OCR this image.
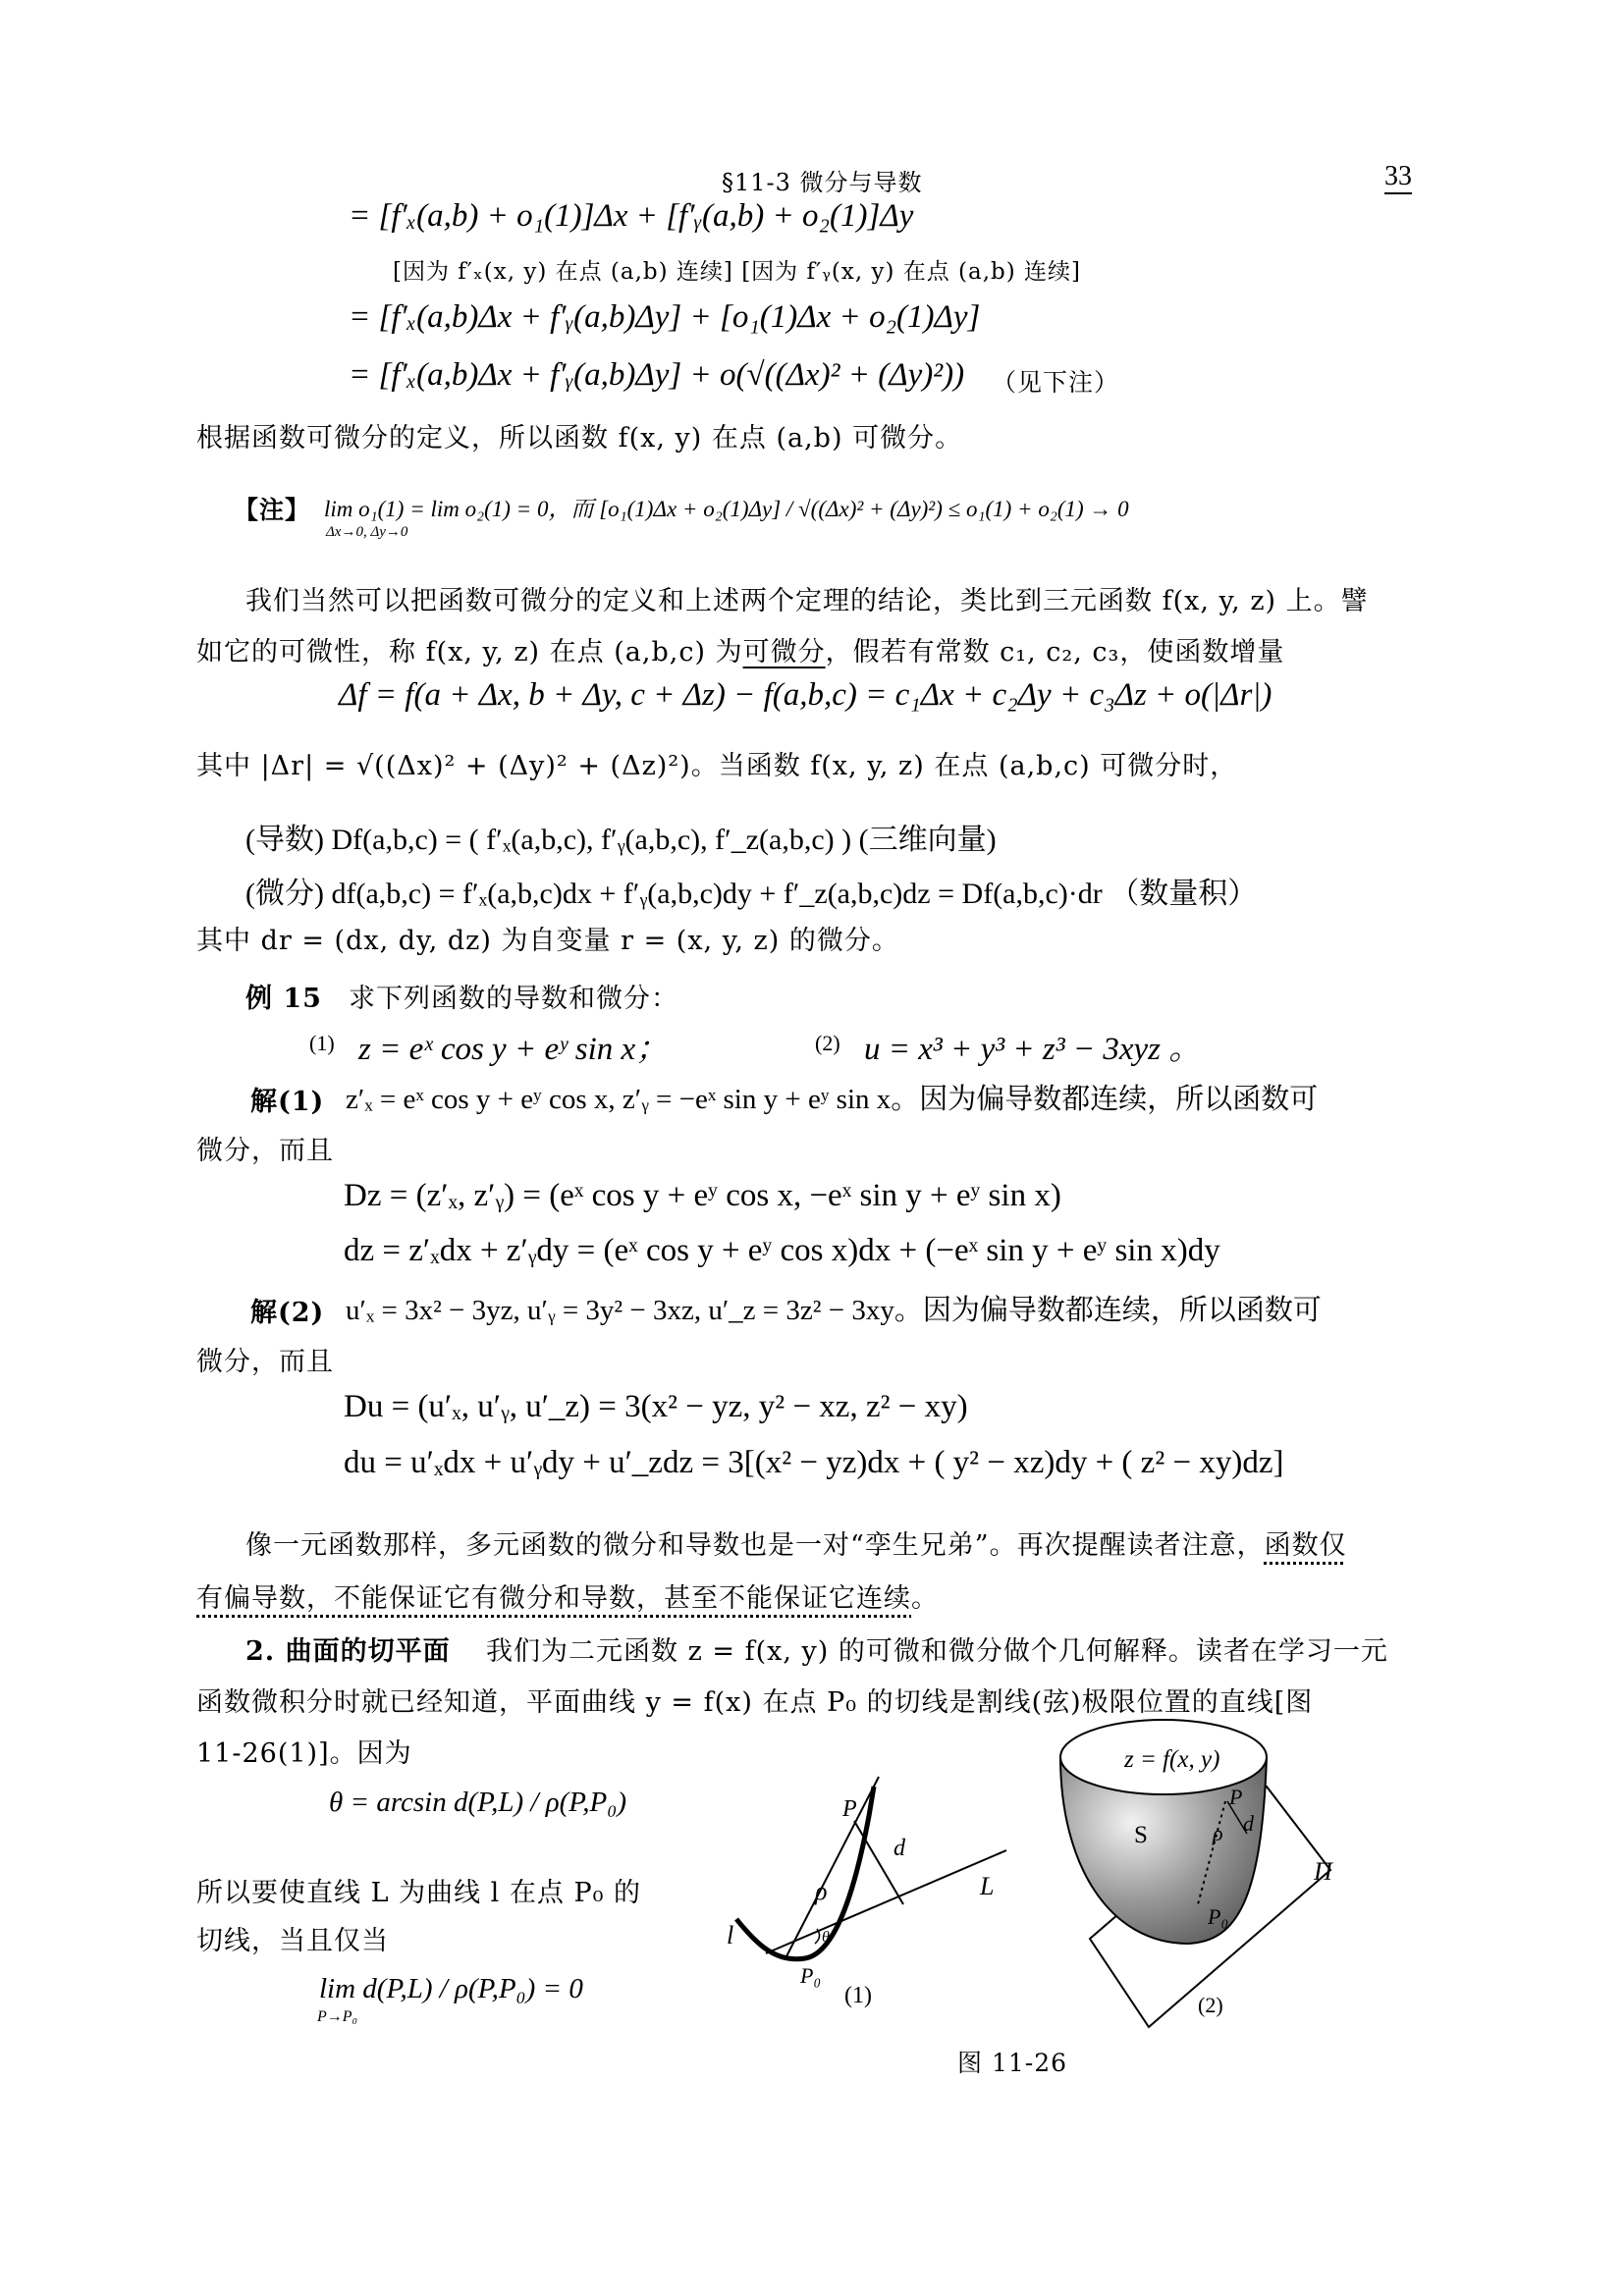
§11-3 微分与导数	33
= [f′ₓ(a,b) + o₁(1)]Δx + [f′ᵧ(a,b) + o₂(1)]Δy
[因为 f′ₓ(x, y) 在点 (a,b) 连续] [因为 f′ᵧ(x, y) 在点 (a,b) 连续]
= [f′ₓ(a,b)Δx + f′ᵧ(a,b)Δy] + [o₁(1)Δx + o₂(1)Δy]
= [f′ₓ(a,b)Δx + f′ᵧ(a,b)Δy] + o(√((Δx)² + (Δy)²)) （见下注）
根据函数可微分的定义，所以函数 f(x, y) 在点 (a,b) 可微分。
【注】 lim o₁(1) = lim o₂(1) = 0，而 [o₁(1)Δx + o₂(1)Δy] / √((Δx)² + (Δy)²) ≤ o₁(1) + o₂(1) → 0
Δx→0, Δy→0
我们当然可以把函数可微分的定义和上述两个定理的结论，类比到三元函数 f(x, y, z) 上。譬
如它的可微性，称 f(x, y, z) 在点 (a,b,c) 为可微分，假若有常数 c₁, c₂, c₃，使函数增量
Δf = f(a + Δx, b + Δy, c + Δz) − f(a,b,c) = c₁Δx + c₂Δy + c₃Δz + o(|Δr|)
其中 |Δr| = √((Δx)² + (Δy)² + (Δz)²)。当函数 f(x, y, z) 在点 (a,b,c) 可微分时，
(导数) Df(a,b,c) = ( f′ₓ(a,b,c), f′ᵧ(a,b,c), f′_z(a,b,c) ) (三维向量)
(微分) df(a,b,c) = f′ₓ(a,b,c)dx + f′ᵧ(a,b,c)dy + f′_z(a,b,c)dz = Df(a,b,c)·dr （数量积）
其中 dr = (dx, dy, dz) 为自变量 r = (x, y, z) 的微分。
例 15 求下列函数的导数和微分：
(1) z = eˣ cos y + eʸ sin x；	(2) u = x³ + y³ + z³ − 3xyz 。
解(1) z′ₓ = eˣ cos y + eʸ cos x, z′ᵧ = −eˣ sin y + eʸ sin x。因为偏导数都连续，所以函数可
微分，而且
Dz = (z′ₓ, z′ᵧ) = (eˣ cos y + eʸ cos x, −eˣ sin y + eʸ sin x)
dz = z′ₓdx + z′ᵧdy = (eˣ cos y + eʸ cos x)dx + (−eˣ sin y + eʸ sin x)dy
解(2) u′ₓ = 3x² − 3yz, u′ᵧ = 3y² − 3xz, u′_z = 3z² − 3xy。因为偏导数都连续，所以函数可
微分，而且
Du = (u′ₓ, u′ᵧ, u′_z) = 3(x² − yz, y² − xz, z² − xy)
du = u′ₓdx + u′ᵧdy + u′_zdz = 3[(x² − yz)dx + ( y² − xz)dy + ( z² − xy)dz]
像一元函数那样，多元函数的微分和导数也是一对“孪生兄弟”。再次提醒读者注意，函数仅
有偏导数，不能保证它有微分和导数，甚至不能保证它连续。
2. 曲面的切平面 我们为二元函数 z = f(x, y) 的可微和微分做个几何解释。读者在学习一元
函数微积分时就已经知道，平面曲线 y = f(x) 在点 P₀ 的切线是割线(弦)极限位置的直线[图
11-26(1)]。因为
θ = arcsin d(P,L) / ρ(P,P₀)
所以要使直线 L 为曲线 l 在点 P₀ 的
切线，当且仅当
lim d(P,L) / ρ(P,P₀) = 0
P→P₀
P
d
L
ρ
θ
l
P₀
(1)
z = f(x, y)
S
P
ρ d
Π
P₀
(2)
图 11-26
